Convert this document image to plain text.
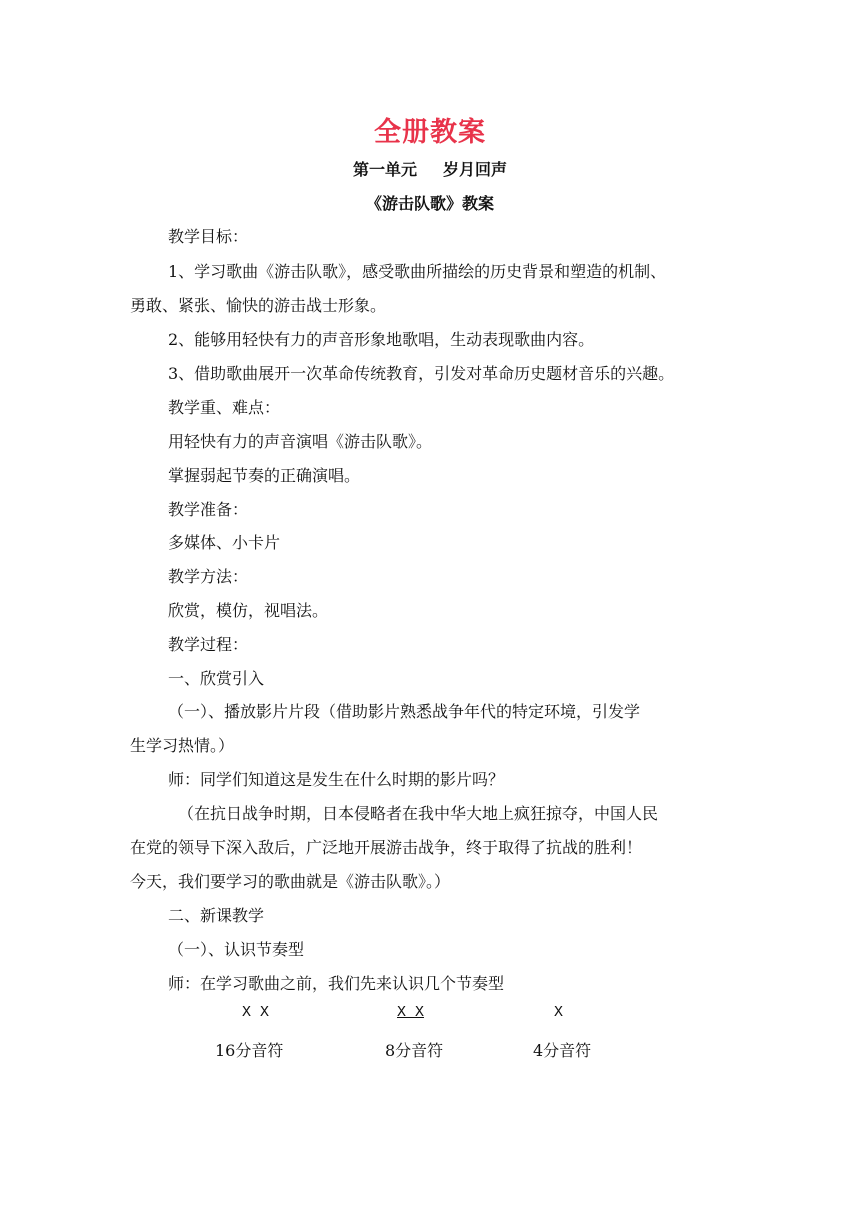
全册教案
第一单元 岁月回声
《游击队歌》教案
教学目标：
1、学习歌曲《游击队歌》，感受歌曲所描绘的历史背景和塑造的机制、
勇敢、紧张、愉快的游击战士形象。
2、能够用轻快有力的声音形象地歌唱，生动表现歌曲内容。
3、借助歌曲展开一次革命传统教育，引发对革命历史题材音乐的兴趣。
教学重、难点：
用轻快有力的声音演唱《游击队歌》。
掌握弱起节奏的正确演唱。
教学准备：
多媒体、小卡片
教学方法：
欣赏，模仿，视唱法。
教学过程：
一、欣赏引入
（一）、播放影片片段（借助影片熟悉战争年代的特定环境，引发学
生学习热情。）
师：同学们知道这是发生在什么时期的影片吗？
（在抗日战争时期，日本侵略者在我中华大地上疯狂掠夺，中国人民
在党的领导下深入敌后，广泛地开展游击战争，终于取得了抗战的胜利！
今天，我们要学习的歌曲就是《游击队歌》。）
二、新课教学
（一）、认识节奏型
师：在学习歌曲之前，我们先来认识几个节奏型
X X	X X	X
16分音符	8分音符	4分音符
